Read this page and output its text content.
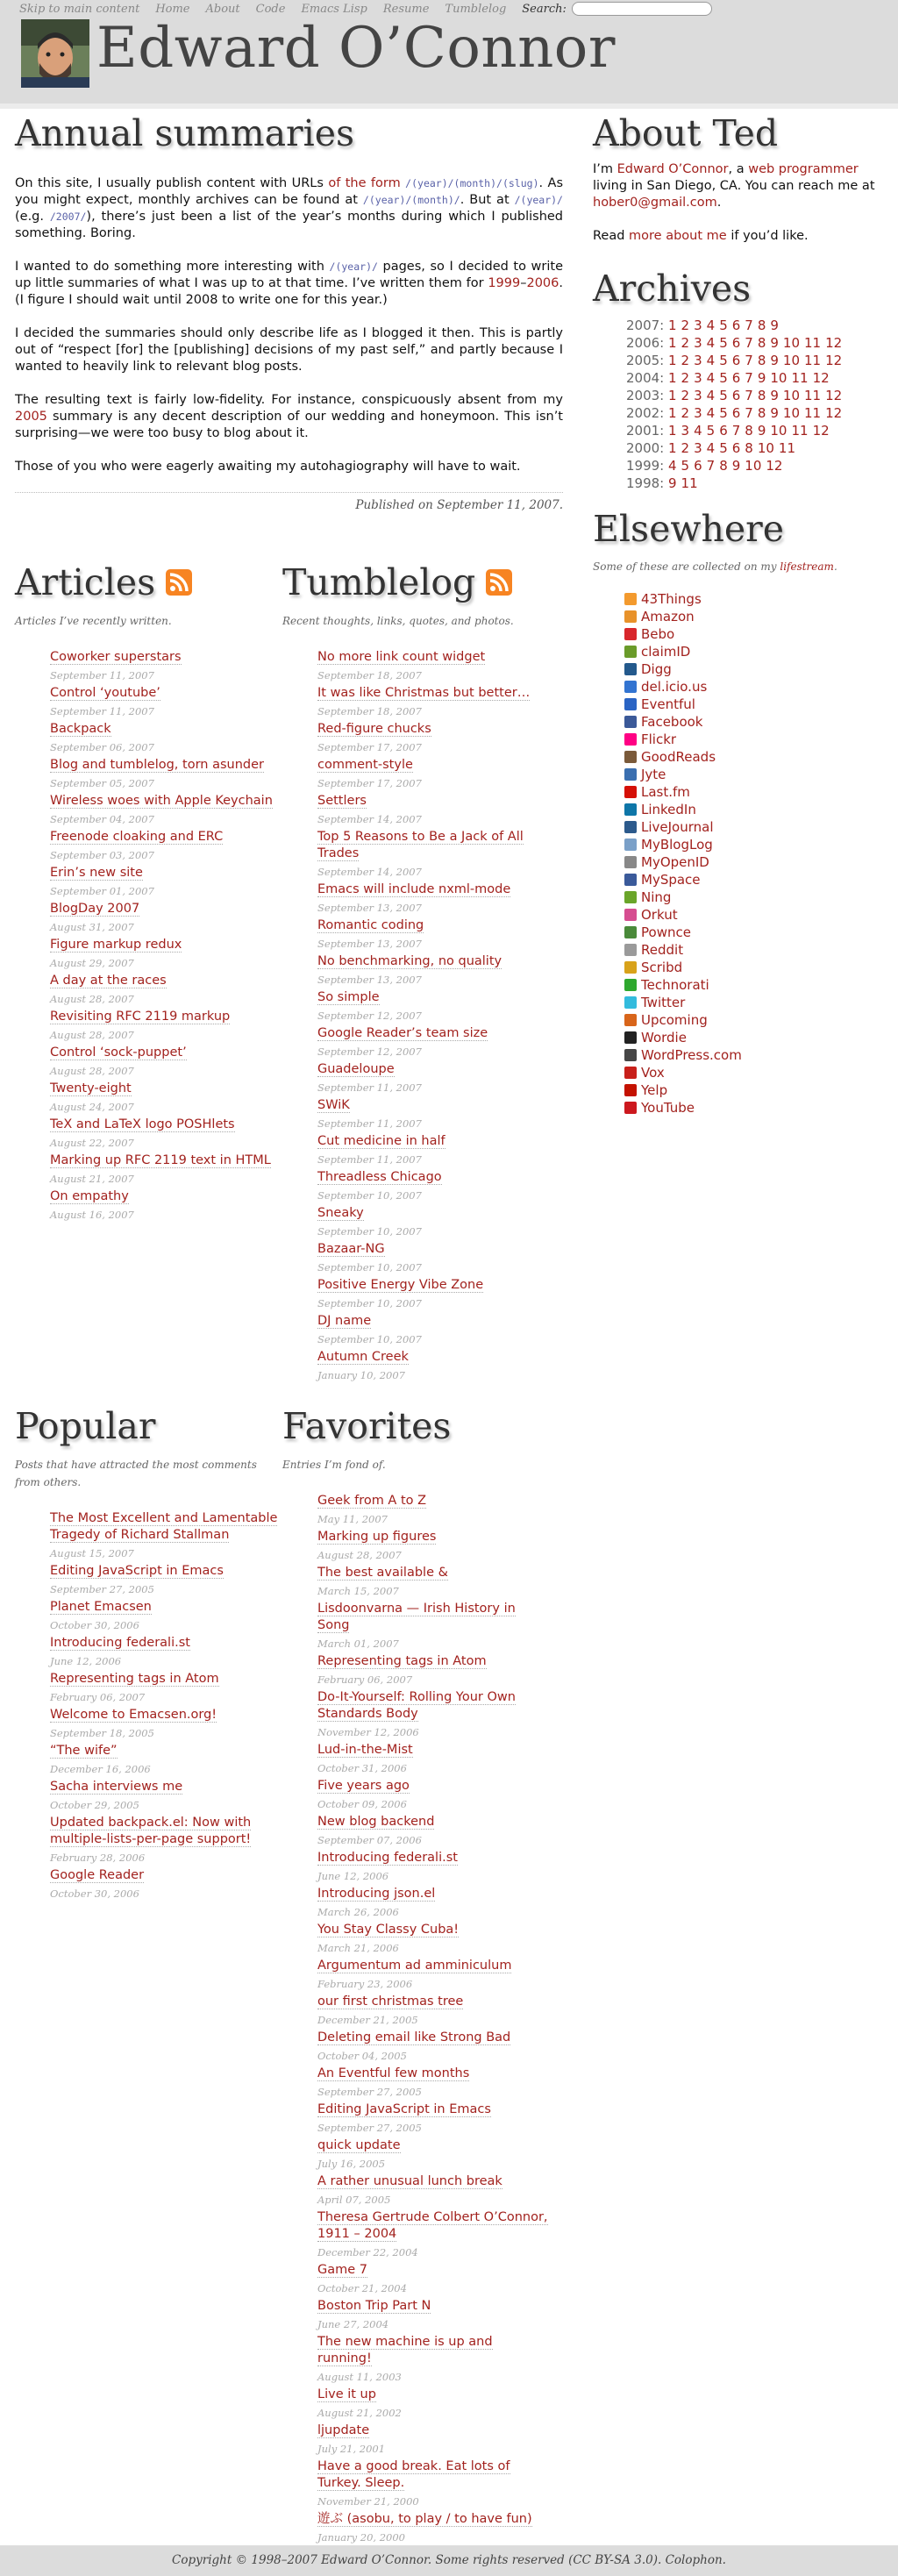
Skip to main content Home About Code Emacs Lisp Resume Tumblelog Search:
Edward O’Connor
Annual summaries

On this site, I usually publish content with URLs of the form /(year)/(month)/(slug). As you might expect, monthly archives can be found at /(year)/(month)/. But at /(year)/ (e.g. /2007/), there’s just been a list of the year’s months during which I published something. Boring.

I wanted to do something more interesting with /(year)/ pages, so I decided to write up little summaries of what I was up to at that time. I’ve written them for 1999–2006. (I figure I should wait until 2008 to write one for this year.)

I decided the summaries should only describe life as I blogged it then. This is partly out of “respect [for] the [publishing] decisions of my past self,” and partly because I wanted to heavily link to relevant blog posts.

The resulting text is fairly low-fidelity. For instance, conspicuously absent from my 2005 summary is any decent description of our wedding and honeymoon. This isn’t surprising—we were too busy to blog about it.

Those of you who were eagerly awaiting my autohagiography will have to wait.

Published on September 11, 2007.
Articles
Articles I’ve recently written.
Coworker superstars
September 11, 2007
Control ‘youtube’
September 11, 2007
Backpack
September 06, 2007
Blog and tumblelog, torn asunder
September 05, 2007
Wireless woes with Apple Keychain
September 04, 2007
Freenode cloaking and ERC
September 03, 2007
Erin’s new site
September 01, 2007
BlogDay 2007
August 31, 2007
Figure markup redux
August 29, 2007
A day at the races
August 28, 2007
Revisiting RFC 2119 markup
August 28, 2007
Control ‘sock-puppet’
August 28, 2007
Twenty-eight
August 24, 2007
TeX and LaTeX logo POSHlets
August 22, 2007
Marking up RFC 2119 text in HTML
August 21, 2007
On empathy
August 16, 2007
Tumblelog
Recent thoughts, links, quotes, and photos.
No more link count widget
September 18, 2007
It was like Christmas but better…
September 18, 2007
Red-figure chucks
September 17, 2007
comment-style
September 17, 2007
Settlers
September 14, 2007
Top 5 Reasons to Be a Jack of All Trades
September 14, 2007
Emacs will include nxml-mode
September 13, 2007
Romantic coding
September 13, 2007
No benchmarking, no quality
September 13, 2007
So simple
September 12, 2007
Google Reader’s team size
September 12, 2007
Guadeloupe
September 11, 2007
SWiK
September 11, 2007
Cut medicine in half
September 11, 2007
Threadless Chicago
September 10, 2007
Sneaky
September 10, 2007
Bazaar-NG
September 10, 2007
Positive Energy Vibe Zone
September 10, 2007
DJ name
September 10, 2007
Autumn Creek
January 10, 2007
Popular
Posts that have attracted the most comments from others.
The Most Excellent and Lamentable Tragedy of Richard Stallman
August 15, 2007
Editing JavaScript in Emacs
September 27, 2005
Planet Emacsen
October 30, 2006
Introducing federali.st
June 12, 2006
Representing tags in Atom
February 06, 2007
Welcome to Emacsen.org!
September 18, 2005
“The wife”
December 16, 2006
Sacha interviews me
October 29, 2005
Updated backpack.el: Now with multiple-lists-per-page support!
February 28, 2006
Google Reader
October 30, 2006
Favorites
Entries I’m fond of.
Geek from A to Z
May 11, 2007
Marking up figures
August 28, 2007
The best available &
March 15, 2007
Lisdoonvarna — Irish History in Song
March 01, 2007
Representing tags in Atom
February 06, 2007
Do-It-Yourself: Rolling Your Own Standards Body
November 12, 2006
Lud-in-the-Mist
October 31, 2006
Five years ago
October 09, 2006
New blog backend
September 07, 2006
Introducing federali.st
June 12, 2006
Introducing json.el
March 26, 2006
You Stay Classy Cuba!
March 21, 2006
Argumentum ad amminiculum
February 23, 2006
our first christmas tree
December 21, 2005
Deleting email like Strong Bad
October 04, 2005
An Eventful few months
September 27, 2005
Editing JavaScript in Emacs
September 27, 2005
quick update
July 16, 2005
A rather unusual lunch break
April 07, 2005
Theresa Gertrude Colbert O’Connor, 1911 – 2004
December 22, 2004
Game 7
October 21, 2004
Boston Trip Part N
June 27, 2004
The new machine is up and running!
August 11, 2003
Live it up
August 21, 2002
ljupdate
July 21, 2001
Have a good break. Eat lots of Turkey. Sleep.
November 21, 2000
遊ぶ (asobu, to play / to have fun)
January 20, 2000
About Ted

I’m Edward O’Connor, a web programmer living in San Diego, CA. You can reach me at hober0@gmail.com.

Read more about me if you’d like.

Archives
2007: 1 2 3 4 5 6 7 8 9
2006: 1 2 3 4 5 6 7 8 9 10 11 12
2005: 1 2 3 4 5 6 7 8 9 10 11 12
2004: 1 2 3 4 5 6 7 9 10 11 12
2003: 1 2 3 4 5 6 7 8 9 10 11 12
2002: 1 2 3 4 5 6 7 8 9 10 11 12
2001: 1 3 4 5 6 7 8 9 10 11 12
2000: 1 2 3 4 5 6 8 10 11
1999: 4 5 6 7 8 9 10 12
1998: 9 11
Elsewhere
Some of these are collected on my lifestream.
43Things
Amazon
Bebo
claimID
Digg
del.icio.us
Eventful
Facebook
Flickr
GoodReads
Jyte
Last.fm
LinkedIn
LiveJournal
MyBlogLog
MyOpenID
MySpace
Ning
Orkut
Pownce
Reddit
Scribd
Technorati
Twitter
Upcoming
Wordie
WordPress.com
Vox
Yelp
YouTube
Copyright © 1998–2007 Edward O’Connor. Some rights reserved (CC BY-SA 3.0). Colophon.
